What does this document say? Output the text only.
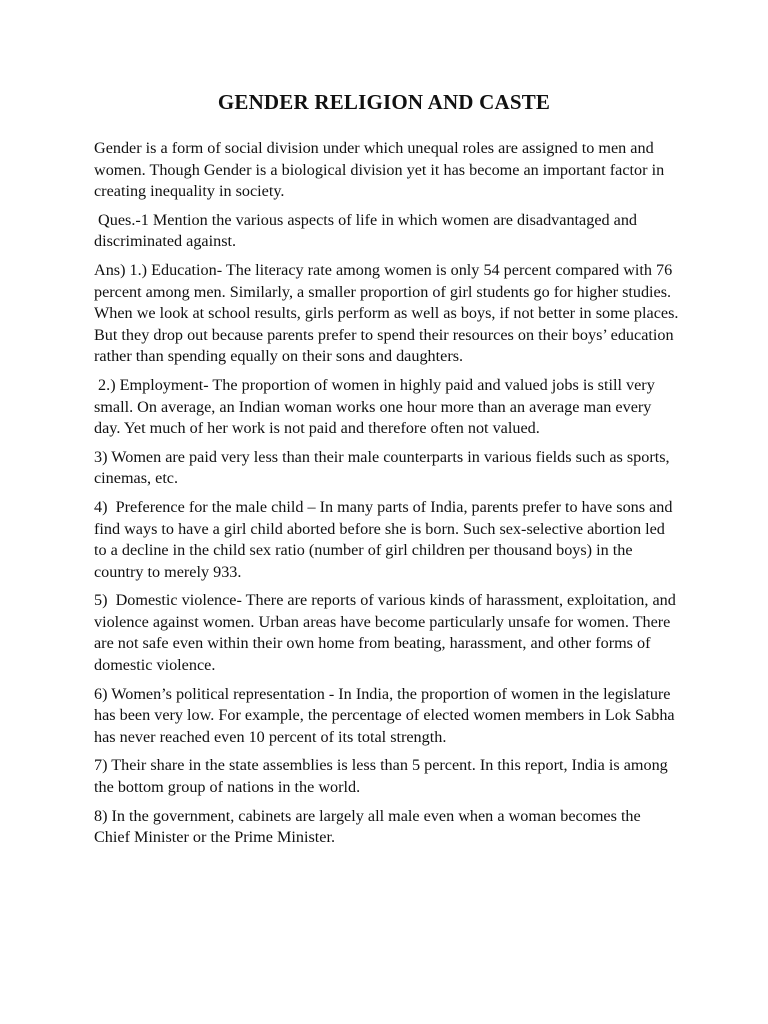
GENDER RELIGION AND CASTE

Gender is a form of social division under which unequal roles are assigned to men and women. Though Gender is a biological division yet it has become an important factor in creating inequality in society.

Ques.-1 Mention the various aspects of life in which women are disadvantaged and discriminated against.

Ans) 1.) Education- The literacy rate among women is only 54 percent compared with 76 percent among men. Similarly, a smaller proportion of girl students go for higher studies. When we look at school results, girls perform as well as boys, if not better in some places. But they drop out because parents prefer to spend their resources on their boys’ education rather than spending equally on their sons and daughters.

2.) Employment- The proportion of women in highly paid and valued jobs is still very small. On average, an Indian woman works one hour more than an average man every day. Yet much of her work is not paid and therefore often not valued.

3) Women are paid very less than their male counterparts in various fields such as sports, cinemas, etc.

4)  Preference for the male child – In many parts of India, parents prefer to have sons and find ways to have a girl child aborted before she is born. Such sex-selective abortion led to a decline in the child sex ratio (number of girl children per thousand boys) in the country to merely 933.

5)  Domestic violence- There are reports of various kinds of harassment, exploitation, and violence against women. Urban areas have become particularly unsafe for women. There are not safe even within their own home from beating, harassment, and other forms of domestic violence.

6) Women’s political representation - In India, the proportion of women in the legislature has been very low. For example, the percentage of elected women members in Lok Sabha has never reached even 10 percent of its total strength.

7) Their share in the state assemblies is less than 5 percent. In this report, India is among the bottom group of nations in the world.

8) In the government, cabinets are largely all male even when a woman becomes the Chief Minister or the Prime Minister.
